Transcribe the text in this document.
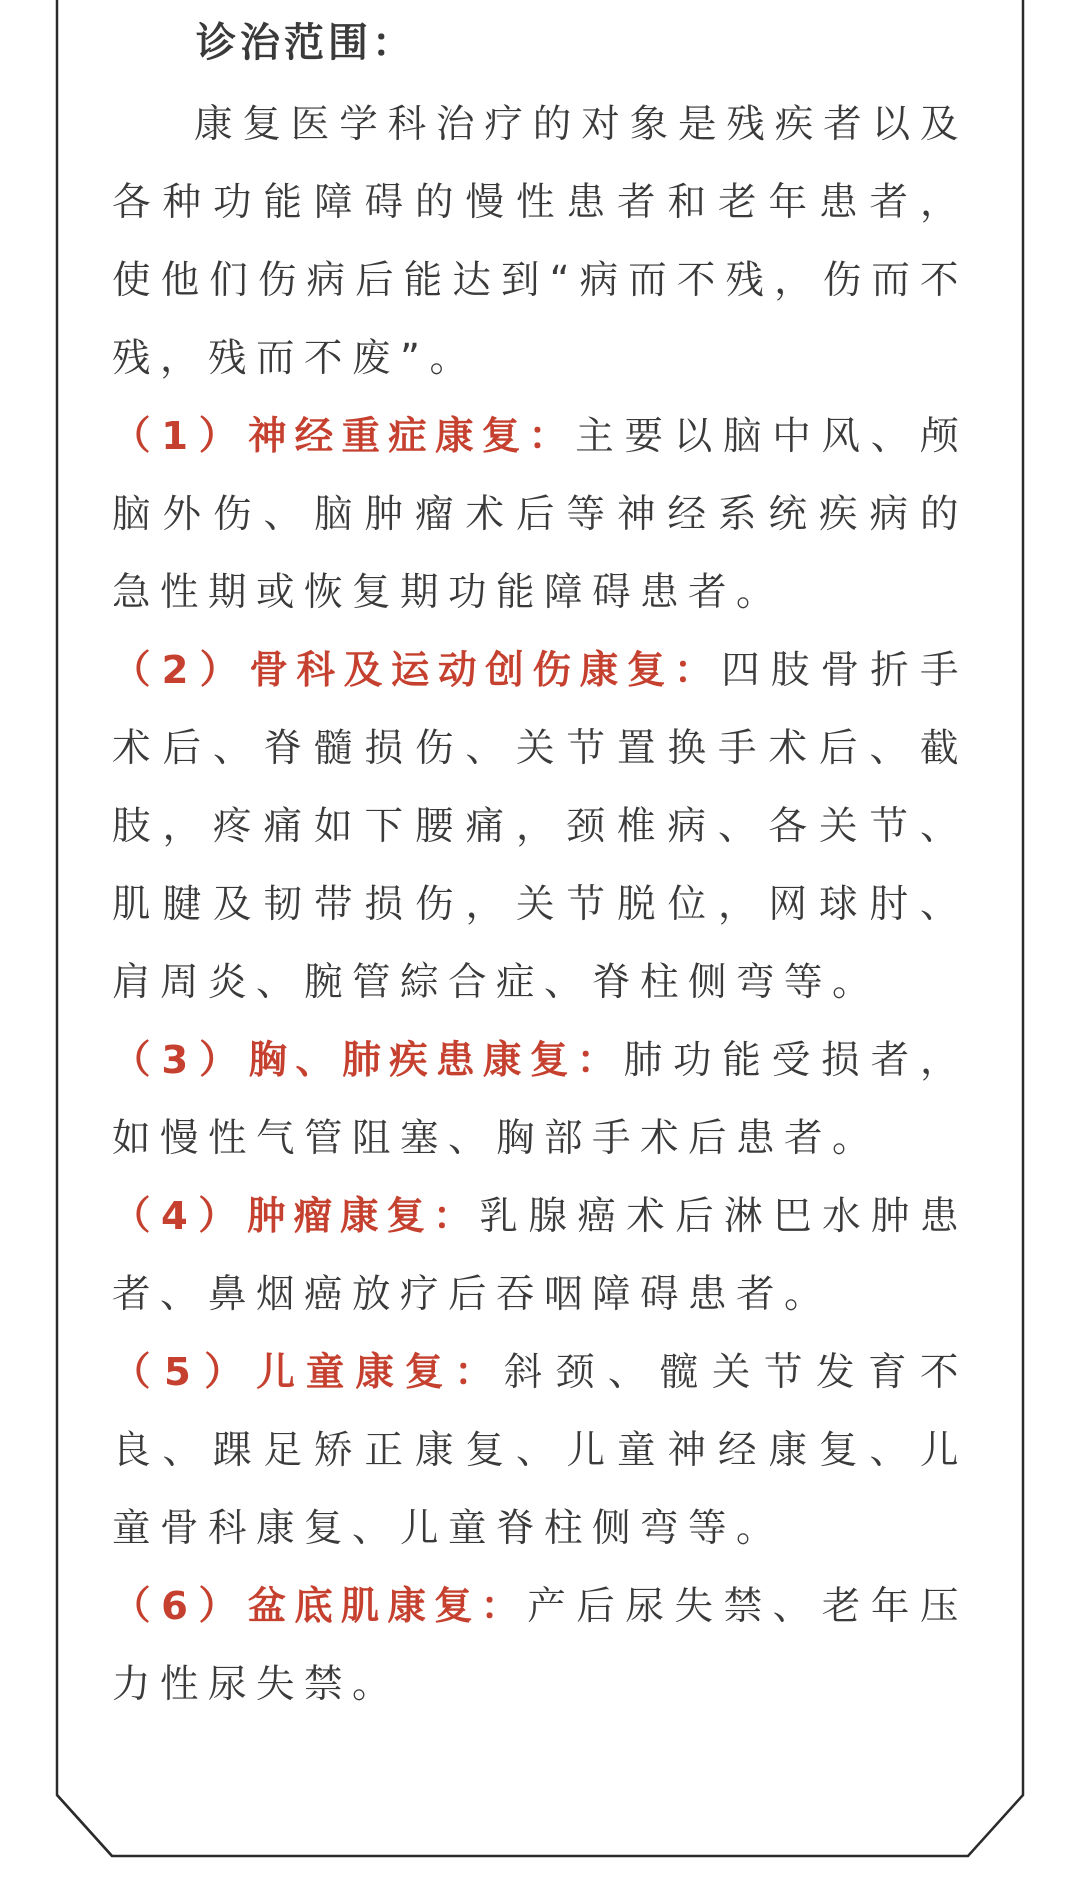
诊治范围：

康复医学科治疗的对象是残疾者以及各种功能障碍的慢性患者和老年患者，使他们伤病后能达到“病而不残，伤而不残，残而不废”。

（1）神经重症康复：主要以脑中风、颅脑外伤、脑肿瘤术后等神经系统疾病的急性期或恢复期功能障碍患者。

（2）骨科及运动创伤康复：四肢骨折手术后、脊髓损伤、关节置换手术后、截肢，疼痛如下腰痛，颈椎病、各关节、肌腱及韧带损伤，关节脱位，网球肘、肩周炎、腕管綜合症、脊柱侧弯等。

（3）胸、肺疾患康复：肺功能受损者，如慢性气管阻塞、胸部手术后患者。

（4）肿瘤康复：乳腺癌术后淋巴水肿患者、鼻烟癌放疗后吞咽障碍患者。

（5）儿童康复：斜颈、髋关节发育不良、踝足矫正康复、儿童神经康复、儿童骨科康复、儿童脊柱侧弯等。

（6）盆底肌康复：产后尿失禁、老年压力性尿失禁。
